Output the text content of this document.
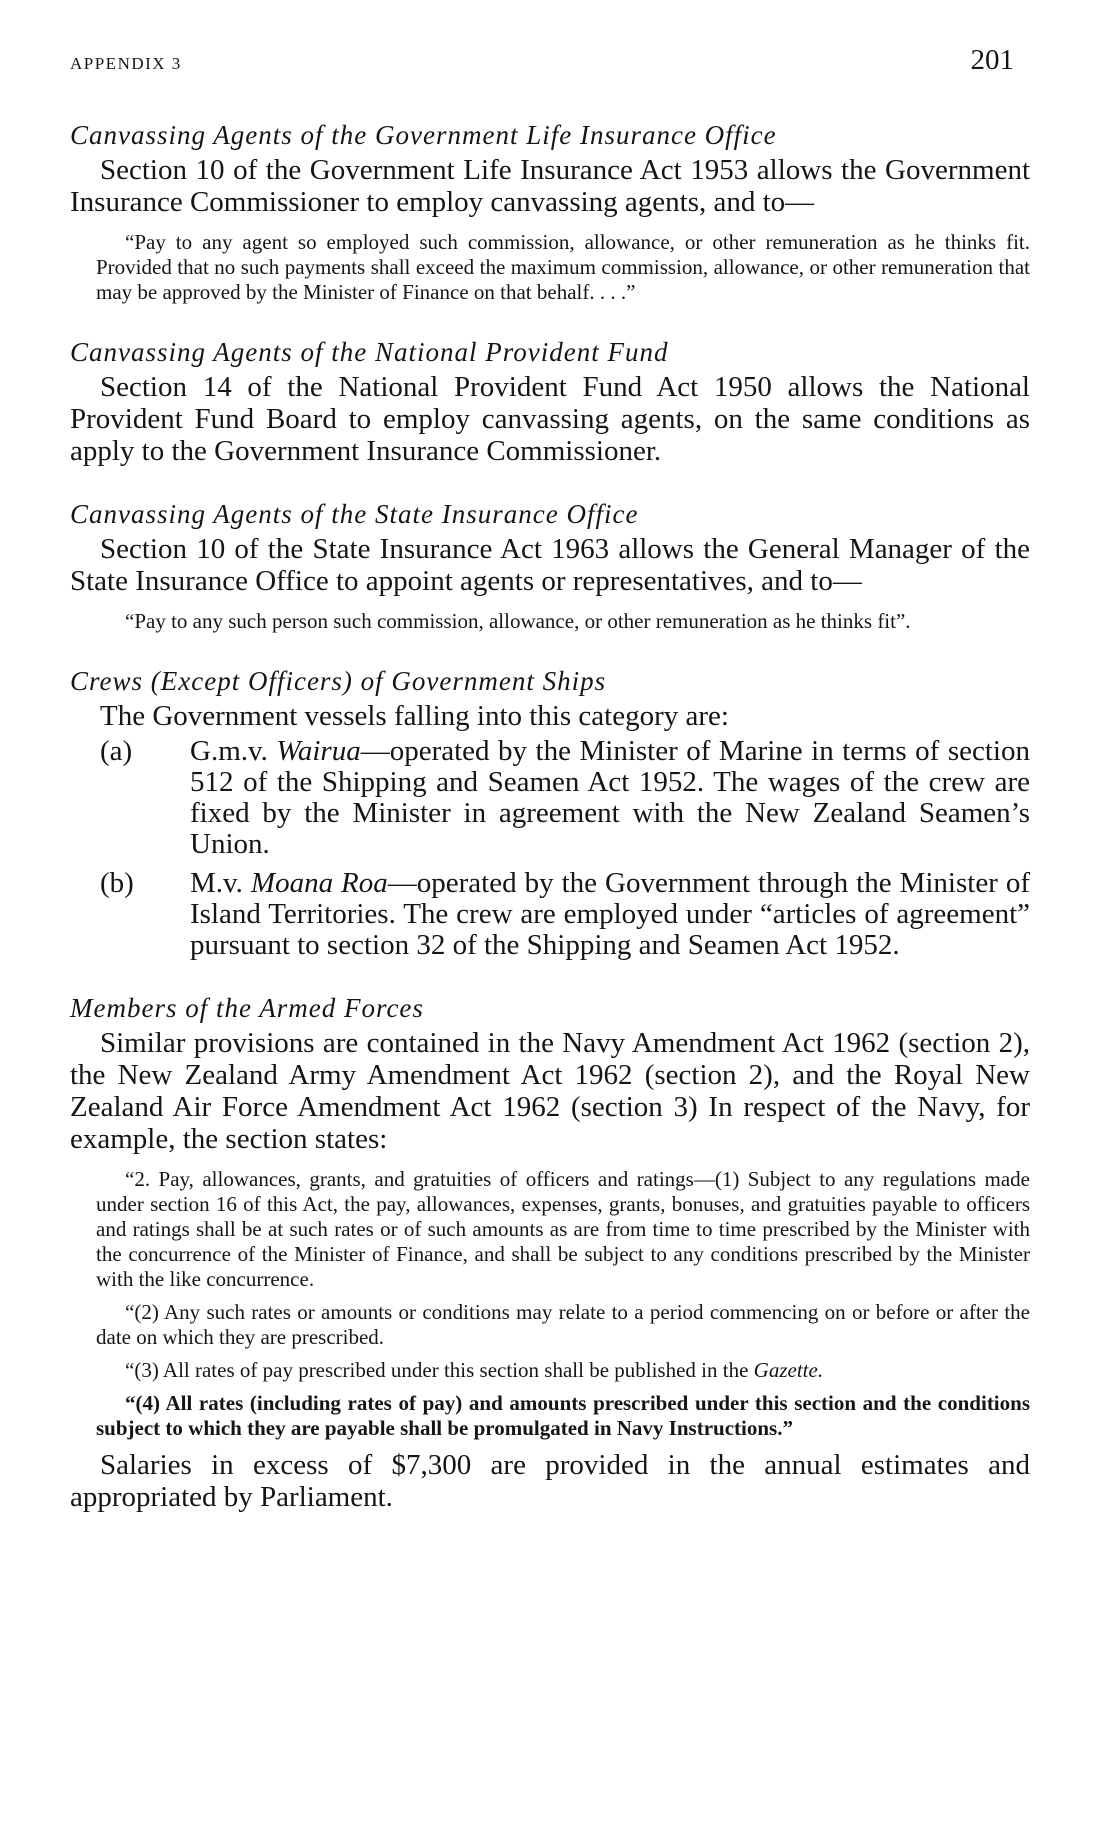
APPENDIX 3	201
Canvassing Agents of the Government Life Insurance Office

Section 10 of the Government Life Insurance Act 1953 allows the Government Insurance Commissioner to employ canvassing agents, and to—

“Pay to any agent so employed such commission, allowance, or other remuneration as he thinks fit. Provided that no such payments shall exceed the maximum commission, allowance, or other remuneration that may be approved by the Minister of Finance on that behalf. . . .”
Canvassing Agents of the National Provident Fund

Section 14 of the National Provident Fund Act 1950 allows the National Provident Fund Board to employ canvassing agents, on the same conditions as apply to the Government Insurance Commissioner.

Canvassing Agents of the State Insurance Office

Section 10 of the State Insurance Act 1963 allows the General Manager of the State Insurance Office to appoint agents or representatives, and to—

“Pay to any such person such commission, allowance, or other remuneration as he thinks fit”.
Crews (Except Officers) of Government Ships

The Government vessels falling into this category are:

(a)	G.m.v. Wairua—operated by the Minister of Marine in terms of section 512 of the Shipping and Seamen Act 1952. The wages of the crew are fixed by the Minister in agreement with the New Zealand Seamen’s Union.
(b)	M.v. Moana Roa—operated by the Government through the Minister of Island Territories. The crew are employed under “articles of agreement” pursuant to section 32 of the Shipping and Seamen Act 1952.
Members of the Armed Forces

Similar provisions are contained in the Navy Amendment Act 1962 (section 2), the New Zealand Army Amendment Act 1962 (section 2), and the Royal New Zealand Air Force Amendment Act 1962 (section 3) In respect of the Navy, for example, the section states:

“2. Pay, allowances, grants, and gratuities of officers and ratings—(1) Subject to any regulations made under section 16 of this Act, the pay, allowances, expenses, grants, bonuses, and gratuities payable to officers and ratings shall be at such rates or of such amounts as are from time to time prescribed by the Minister with the concurrence of the Minister of Finance, and shall be subject to any conditions prescribed by the Minister with the like concurrence.

“(2) Any such rates or amounts or conditions may relate to a period commencing on or before or after the date on which they are prescribed.

“(3) All rates of pay prescribed under this section shall be published in the Gazette.

“(4) All rates (including rates of pay) and amounts prescribed under this section and the conditions subject to which they are payable shall be promulgated in Navy Instructions.”

Salaries in excess of $7,300 are provided in the annual estimates and appropriated by Parliament.
